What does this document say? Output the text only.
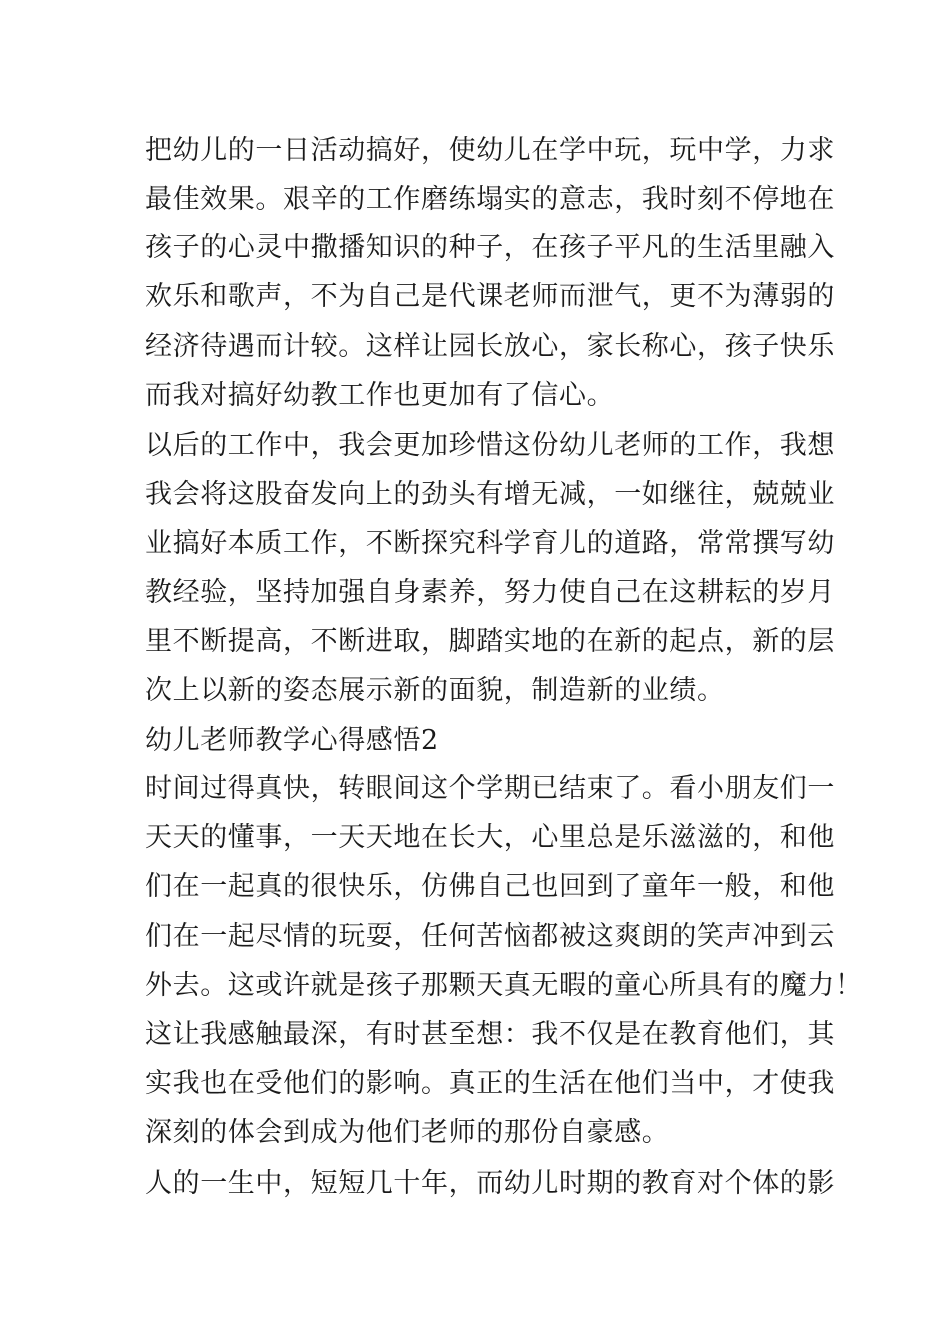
把幼儿的一日活动搞好，使幼儿在学中玩，玩中学，力求
最佳效果。艰辛的工作磨练塌实的意志，我时刻不停地在
孩子的心灵中撒播知识的种子，在孩子平凡的生活里融入
欢乐和歌声，不为自己是代课老师而泄气，更不为薄弱的
经济待遇而计较。这样让园长放心，家长称心，孩子快乐
而我对搞好幼教工作也更加有了信心。
以后的工作中，我会更加珍惜这份幼儿老师的工作，我想
我会将这股奋发向上的劲头有增无减，一如继往，兢兢业
业搞好本质工作，不断探究科学育儿的道路，常常撰写幼
教经验，坚持加强自身素养，努力使自己在这耕耘的岁月
里不断提高，不断进取，脚踏实地的在新的起点，新的层
次上以新的姿态展示新的面貌，制造新的业绩。
幼儿老师教学心得感悟2
时间过得真快，转眼间这个学期已结束了。看小朋友们一
天天的懂事，一天天地在长大，心里总是乐滋滋的，和他
们在一起真的很快乐，仿佛自己也回到了童年一般，和他
们在一起尽情的玩耍，任何苦恼都被这爽朗的笑声冲到云
外去。这或许就是孩子那颗天真无暇的童心所具有的魔力！
这让我感触最深，有时甚至想：我不仅是在教育他们，其
实我也在受他们的影响。真正的生活在他们当中，才使我
深刻的体会到成为他们老师的那份自豪感。
人的一生中，短短几十年，而幼儿时期的教育对个体的影
